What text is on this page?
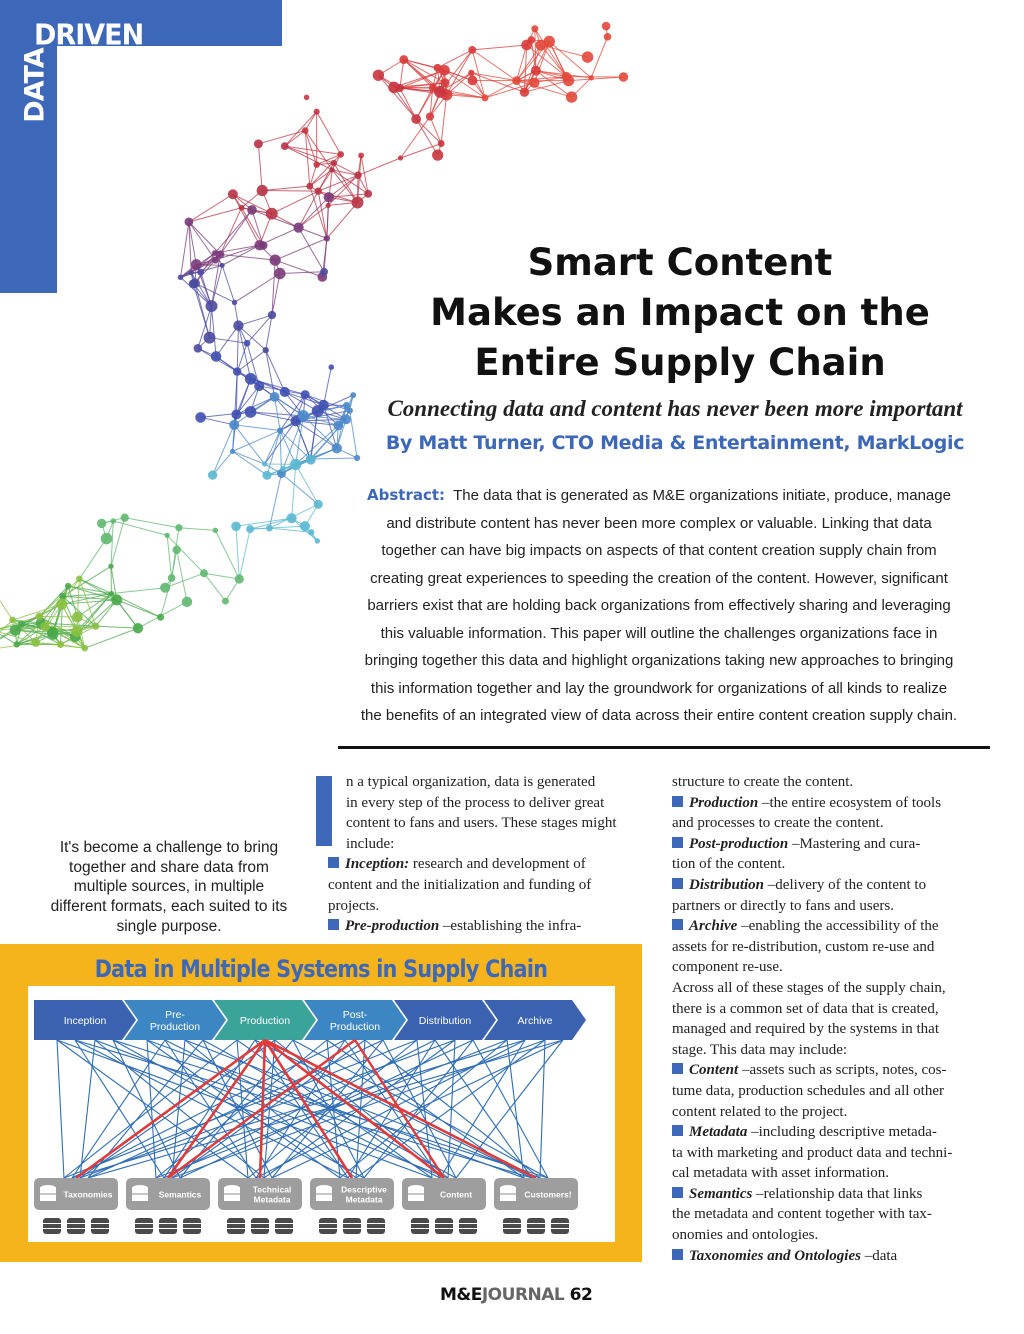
DRIVEN
DATA
Smart Content
Makes an Impact on the
Entire Supply Chain
Connecting data and content has never been more important
By Matt Turner, CTO Media & Entertainment, MarkLogic
Abstract: The data that is generated as M&E organizations initiate, produce, manage
and distribute content has never been more complex or valuable. Linking that data
together can have big impacts on aspects of that content creation supply chain from
creating great experiences to speeding the creation of the content. However, significant
barriers exist that are holding back organizations from effectively sharing and leveraging
this valuable information. This paper will outline the challenges organizations face in
bringing together this data and highlight organizations taking new approaches to bringing
this information together and lay the groundwork for organizations of all kinds to realize
the benefits of an integrated view of data across their entire content creation supply chain.

n a typical organization, data is generated

in every step of the process to deliver great

content to fans and users. These stages might

include:

Inception: research and development of

content and the initialization and funding of

projects.

Pre-production –establishing the infra-

structure to create the content.

Production –the entire ecosystem of tools

and processes to create the content.

Post-production –Mastering and cura-

tion of the content.

Distribution –delivery of the content to

partners or directly to fans and users.

Archive –enabling the accessibility of the

assets for re-distribution, custom re-use and

component re-use.

Across all of these stages of the supply chain,

there is a common set of data that is created,

managed and required by the systems in that

stage. This data may include:

Content –assets such as scripts, notes, cos-

tume data, production schedules and all other

content related to the project.

Metadata –including descriptive metada-

ta with marketing and product data and techni-

cal metadata with asset information.

Semantics –relationship data that links

the metadata and content together with tax-

onomies and ontologies.

Taxonomies and Ontologies –data

It's become a challenge to bring together and share data from multiple sources, in multiple different formats, each suited to its single purpose.
Data in Multiple Systems in Supply Chain
Inception	Pre-
Production	Production	Post-
Production	Distribution	Archive
Taxonomies	Semantics	Technical
Metadata
Descriptive
Metadata	Content	Customers!
M&EJOURNAL 62
